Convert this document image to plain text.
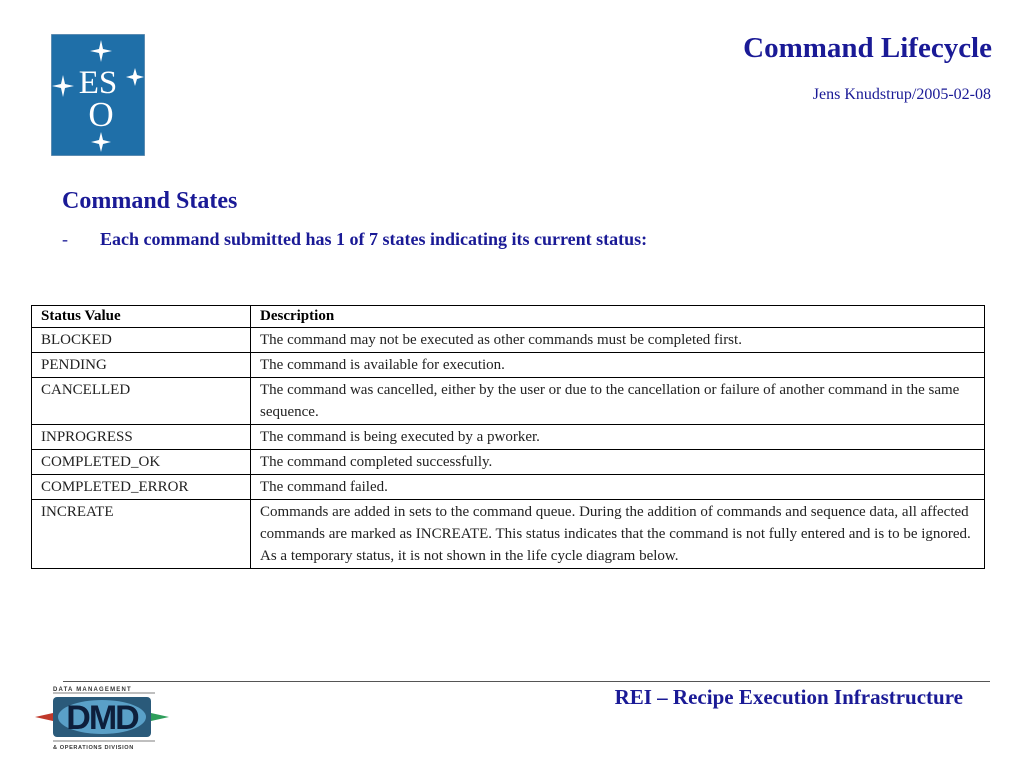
ES
O
Command Lifecycle
Jens Knudstrup/2005-02-08
Command States
- Each command submitted has 1 of 7 states indicating its current status:
Status Value	Description
BLOCKED	The command may not be executed as other commands must be completed first.
PENDING	The command is available for execution.
CANCELLED	The command was cancelled, either by the user or due to the cancellation or failure of another command in the same sequence.
INPROGRESS	The command is being executed by a pworker.
COMPLETED_OK	The command completed successfully.
COMPLETED_ERROR	The command failed.
INCREATE	Commands are added in sets to the command queue. During the addition of commands and sequence data, all affected commands are marked as INCREATE. This status indicates that the command is not fully entered and is to be ignored. As a temporary status, it is not shown in the life cycle diagram below.
DATA MANAGEMENT
DMD
& OPERATIONS DIVISION
REI – Recipe Execution Infrastructure
